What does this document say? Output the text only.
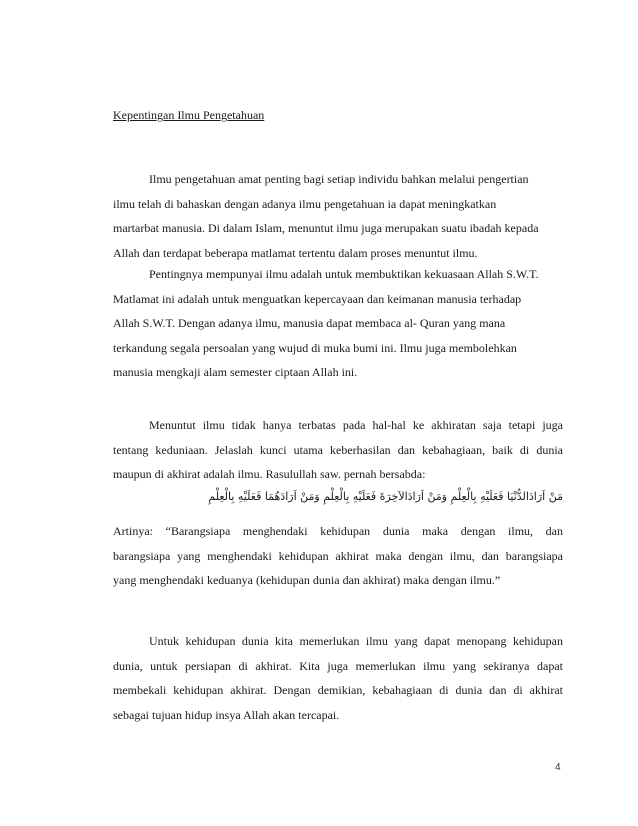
Kepentingan Ilmu Pengetahuan
Ilmu pengetahuan amat penting bagi setiap individu bahkan melalui pengertian
ilmu telah di bahaskan dengan adanya ilmu pengetahuan ia dapat meningkatkan
martarbat manusia. Di dalam Islam, menuntut ilmu juga merupakan suatu ibadah kepada
Allah dan terdapat beberapa matlamat tertentu dalam proses menuntut ilmu.
Pentingnya mempunyai ilmu adalah untuk membuktikan kekuasaan Allah S.W.T.
Matlamat ini adalah untuk menguatkan kepercayaan dan keimanan manusia terhadap
Allah S.W.T. Dengan adanya ilmu, manusia dapat membaca al- Quran yang mana
terkandung segala persoalan yang wujud di muka bumi ini. Ilmu juga membolehkan
manusia mengkaji alam semester ciptaan Allah ini.
Menuntut ilmu tidak hanya terbatas pada hal-hal ke akhiratan saja tetapi juga
tentang keduniaan. Jelaslah kunci utama keberhasilan dan kebahagiaan, baik di dunia
maupun di akhirat adalah ilmu. Rasulullah saw. pernah bersabda:
مَنْ اَرَادَالدُّنْيَا فَعَلَيْهِ بِالْعِلْمِ وَمَنْ اَرَادَالاَخِرَةَ فَعَلَيْهِ بِالْعِلْمِ وَمَنْ اَرَادَهُمَا فَعَلَيْهِ بِالْعِلْمِ
Artinya: “Barangsiapa menghendaki kehidupan dunia maka dengan ilmu, dan
barangsiapa yang menghendaki kehidupan akhirat maka dengan ilmu, dan barangsiapa
yang menghendaki keduanya (kehidupan dunia dan akhirat) maka dengan ilmu.”
Untuk kehidupan dunia kita memerlukan ilmu yang dapat menopang kehidupan
dunia, untuk persiapan di akhirat. Kita juga memerlukan ilmu yang sekiranya dapat
membekali kehidupan akhirat. Dengan demikian, kebahagiaan di dunia dan di akhirat
sebagai tujuan hidup insya Allah akan tercapai.
4
